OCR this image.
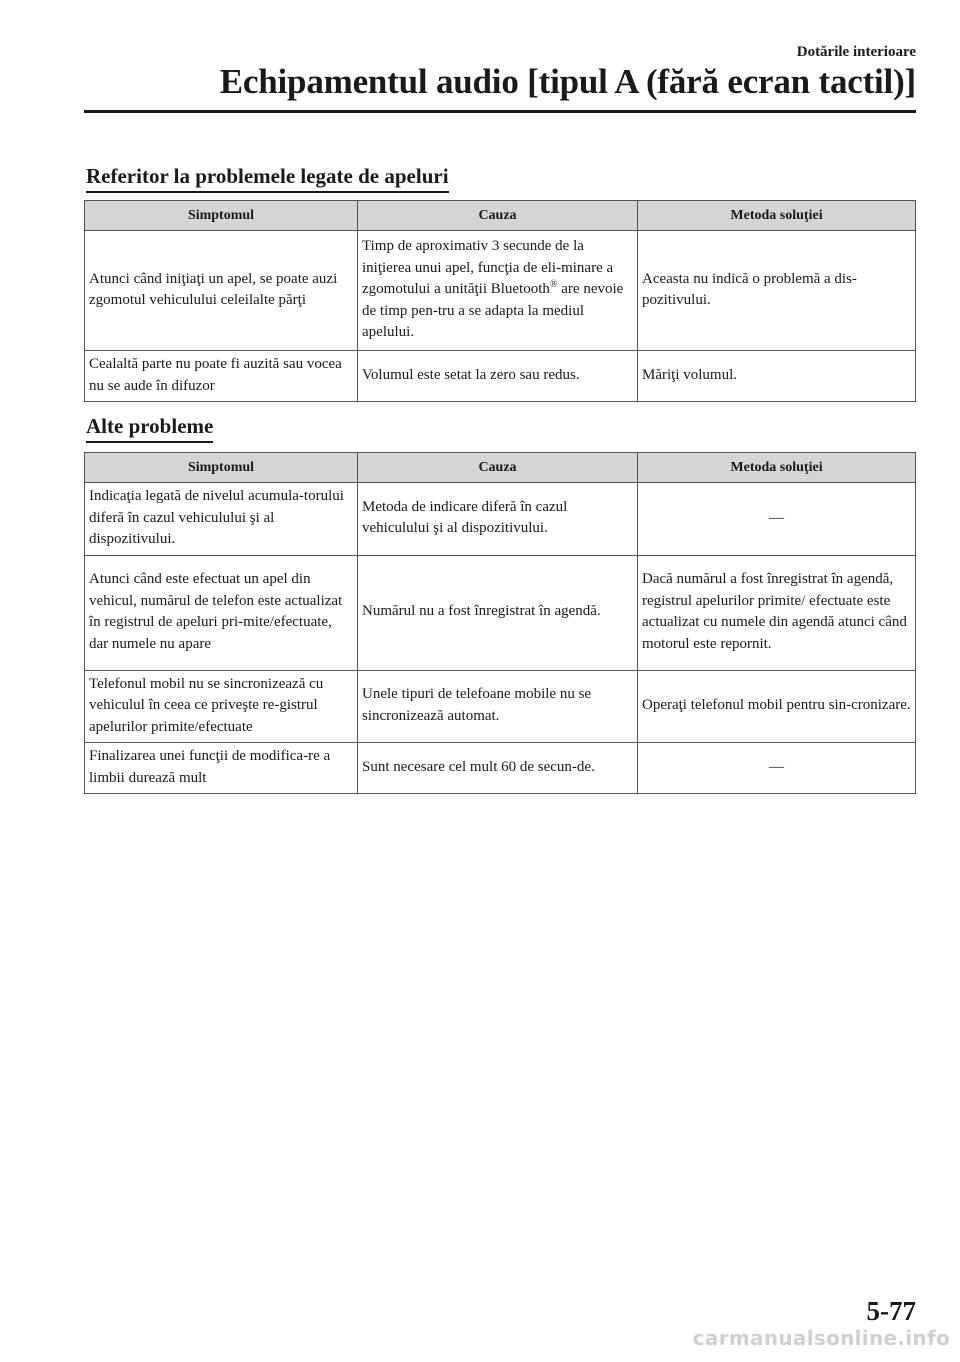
Dotările interioare
Echipamentul audio [tipul A (fără ecran tactil)]
Referitor la problemele legate de apeluri
Simptomul	Cauza	Metoda soluţiei
Atunci când iniţiaţi un apel, se poate auzi zgomotul vehiculului celeilalte părţi	Timp de aproximativ 3 secunde de la iniţierea unui apel, funcţia de eli-minare a zgomotului a unităţii Bluetooth® are nevoie de timp pen-tru a se adapta la mediul apelului.	Aceasta nu indică o problemă a dis-pozitivului.
Cealaltă parte nu poate fi auzită sau vocea nu se aude în difuzor	Volumul este setat la zero sau redus.	Măriţi volumul.
Alte probleme
Simptomul	Cauza	Metoda soluţiei
Indicaţia legată de nivelul acumula-torului diferă în cazul vehiculului şi al dispozitivului.	Metoda de indicare diferă în cazul vehiculului şi al dispozitivului.	—
Atunci când este efectuat un apel din vehicul, numărul de telefon este actualizat în registrul de apeluri pri-mite/efectuate, dar numele nu apare	Numărul nu a fost înregistrat în agendă.	Dacă numărul a fost înregistrat în agendă, registrul apelurilor primite/ efectuate este actualizat cu numele din agendă atunci când motorul este repornit.
Telefonul mobil nu se sincronizează cu vehiculul în ceea ce priveşte re-gistrul apelurilor primite/efectuate	Unele tipuri de telefoane mobile nu se sincronizează automat.	Operaţi telefonul mobil pentru sin-cronizare.
Finalizarea unei funcţii de modifica-re a limbii durează mult	Sunt necesare cel mult 60 de secun-de.	—
5-77
carmanualsonline.info
